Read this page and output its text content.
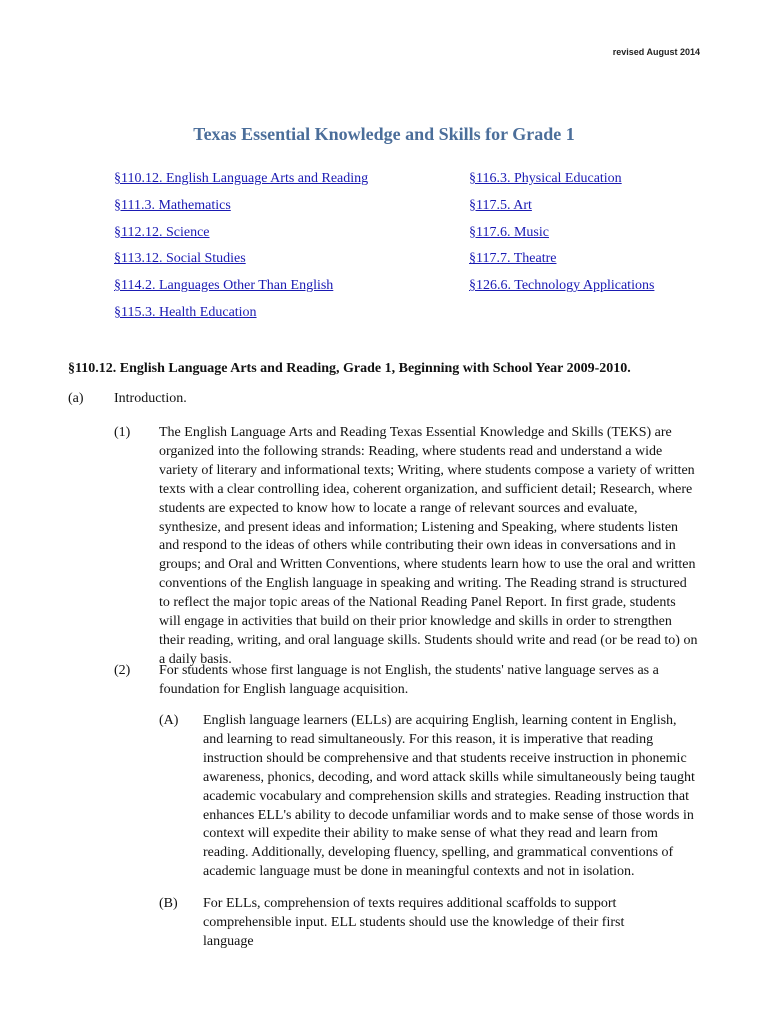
revised August 2014
Texas Essential Knowledge and Skills for Grade 1
§110.12. English Language Arts and Reading
§111.3. Mathematics
§112.12. Science
§113.12. Social Studies
§114.2. Languages Other Than English
§115.3. Health Education
§116.3. Physical Education
§117.5. Art
§117.6. Music
§117.7. Theatre
§126.6. Technology Applications
§110.12. English Language Arts and Reading, Grade 1, Beginning with School Year 2009-2010.
(a) Introduction.
(1) The English Language Arts and Reading Texas Essential Knowledge and Skills (TEKS) are organized into the following strands: Reading, where students read and understand a wide variety of literary and informational texts; Writing, where students compose a variety of written texts with a clear controlling idea, coherent organization, and sufficient detail; Research, where students are expected to know how to locate a range of relevant sources and evaluate, synthesize, and present ideas and information; Listening and Speaking, where students listen and respond to the ideas of others while contributing their own ideas in conversations and in groups; and Oral and Written Conventions, where students learn how to use the oral and written conventions of the English language in speaking and writing. The Reading strand is structured to reflect the major topic areas of the National Reading Panel Report. In first grade, students will engage in activities that build on their prior knowledge and skills in order to strengthen their reading, writing, and oral language skills. Students should write and read (or be read to) on a daily basis.
(2) For students whose first language is not English, the students' native language serves as a foundation for English language acquisition.
(A) English language learners (ELLs) are acquiring English, learning content in English, and learning to read simultaneously. For this reason, it is imperative that reading instruction should be comprehensive and that students receive instruction in phonemic awareness, phonics, decoding, and word attack skills while simultaneously being taught academic vocabulary and comprehension skills and strategies. Reading instruction that enhances ELL's ability to decode unfamiliar words and to make sense of those words in context will expedite their ability to make sense of what they read and learn from reading. Additionally, developing fluency, spelling, and grammatical conventions of academic language must be done in meaningful contexts and not in isolation.
(B) For ELLs, comprehension of texts requires additional scaffolds to support comprehensible input. ELL students should use the knowledge of their first language
